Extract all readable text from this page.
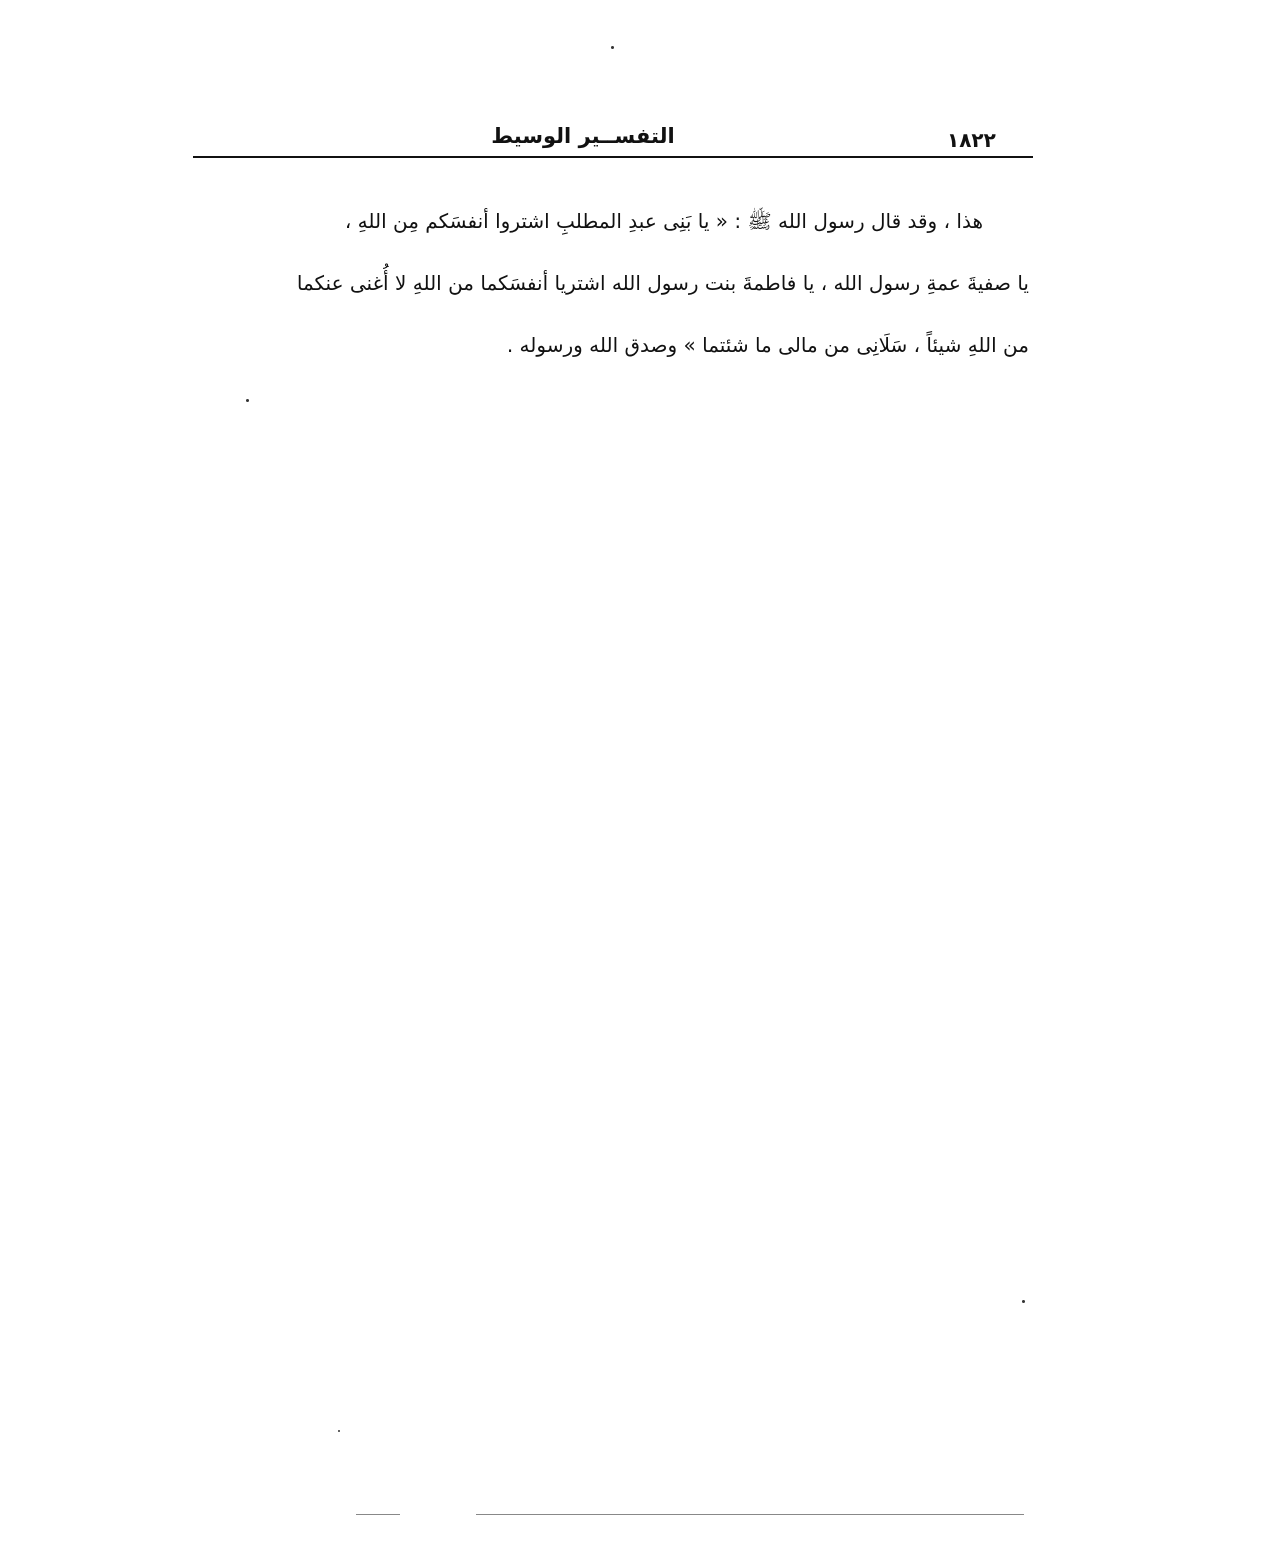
التفســير الوسيط	١٨٢٢
هذا ، وقد قال رسول الله ﷺ : « يا بَنِى عبدِ المطلبِ اشتروا أنفسَكم مِن اللهِ ،
يا صفيةَ عمةِ رسول الله ، يا فاطمةَ بنت رسول الله اشتريا أنفسَكما من اللهِ لا أُغنى عنكما
من اللهِ شيئاً ، سَلَانِى من مالى ما شئتما » وصدق الله ورسوله .
